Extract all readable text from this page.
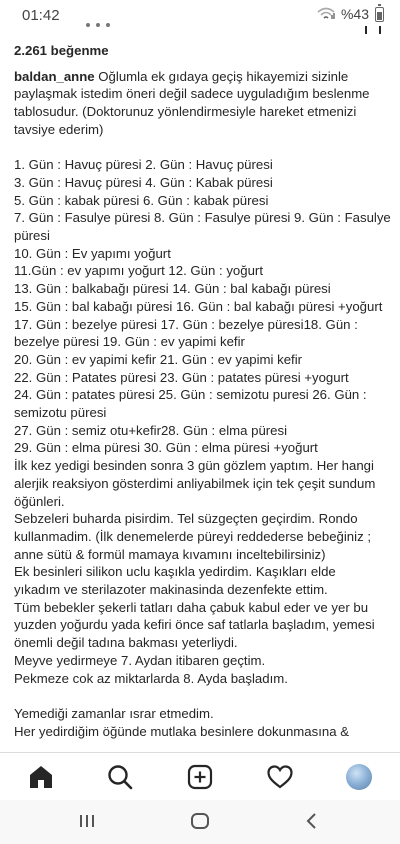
01:42	%43
2.261 beğenme
baldan_anne Oğlumla ek gıdaya geçiş hikayemizi sizinle
paylaşmak istedim öneri değil sadece uyguladığım beslenme
tablosudur. (Doktorunuz yönlendirmesiyle hareket etmenizi
tavsiye ederim)
1. Gün : Havuç püresi 2. Gün : Havuç püresi
3. Gün : Havuç püresi 4. Gün : Kabak püresi
5. Gün : kabak püresi 6. Gün : kabak püresi
7. Gün : Fasulye püresi 8. Gün : Fasulye püresi 9. Gün : Fasulye
püresi
10. Gün : Ev yapımı yoğurt
11.Gün : ev yapımı yoğurt 12. Gün : yoğurt
13. Gün : balkabağı püresi 14. Gün : bal kabağı püresi
15. Gün : bal kabağı püresi 16. Gün : bal kabağı püresi +yoğurt
17. Gün : bezelye püresi 17. Gün : bezelye püresi18. Gün :
bezelye püresi 19. Gün : ev yapimi kefir
20. Gün : ev yapimi kefir 21. Gün : ev yapimi kefir
22. Gün : Patates püresi 23. Gün : patates püresi +yogurt
24. Gün : patates püresi 25. Gün : semizotu puresi 26. Gün :
semizotu püresi
27. Gün : semiz otu+kefir28. Gün : elma püresi
29. Gün : elma püresi 30. Gün : elma püresi +yoğurt
İlk kez yedigi besinden sonra 3 gün gözlem yaptım. Her hangi
alerjik reaksiyon gösterdimi anliyabilmek için tek çeşit sundum
öğünleri.
Sebzeleri buharda pisirdim. Tel süzgeçten geçirdim. Rondo
kullanmadim. (İlk denemelerde püreyi reddederse bebeğiniz ;
anne sütü & formül mamaya kıvamını inceltebilirsiniz)
Ek besinleri silikon uclu kaşıkla yedirdim. Kaşıkları elde
yıkadım ve sterilazoter makinasinda dezenfekte ettim.
Tüm bebekler şekerli tatları daha çabuk kabul eder ve yer bu
yuzden yoğurdu yada kefiri önce saf tatlarla başladım, yemesi
önemli değil tadına bakması yeterliydi.
Meyve yedirmeye 7. Aydan itibaren geçtim.
Pekmeze cok az miktarlarda 8. Ayda başladım.
Yemediği zamanlar ısrar etmedim.
Her yedirdiğim öğünde mutlaka besinlere dokunmasına &
